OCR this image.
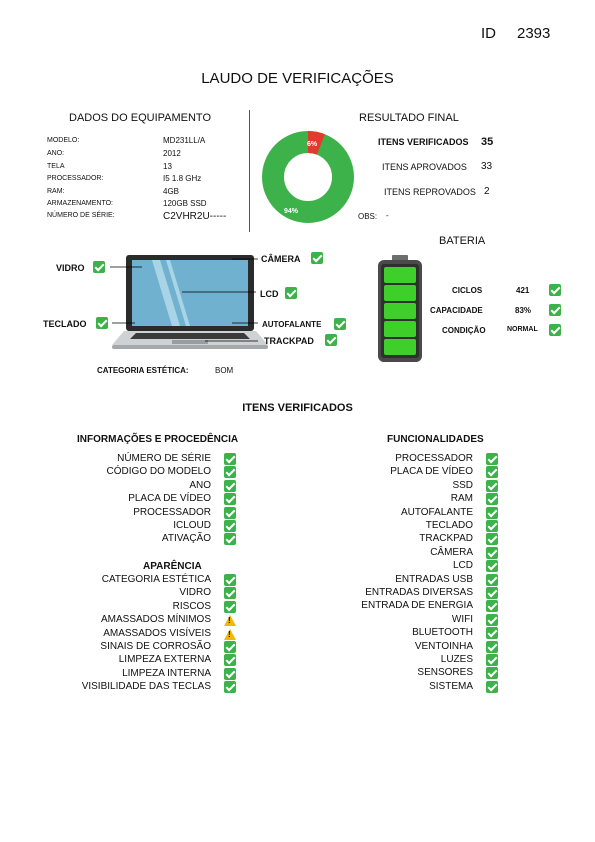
ID 2393
LAUDO DE VERIFICAÇÕES
DADOS DO EQUIPAMENTO
MODELO:	MD231LL/A
ANO:	2012
TELA	13
PROCESSADOR:	I5 1.8 GHz
RAM:	4GB
ARMAZENAMENTO:	120GB SSD
NÚMERO DE SÉRIE:	C2VHR2U-----
RESULTADO FINAL
94%
6%	ITENS VERIFICADOS 35
ITENS APROVADOS 33
ITENS REPROVADOS 2
OBS: -
VIDRO
CÂMERA
LCD
TECLADO	AUTOFALANTE
TRACKPAD
CATEGORIA ESTÉTICA:	BOM
BATERIA
CICLOS	421
CAPACIDADE	83%
CONDIÇÃO	NORMAL
ITENS VERIFICADOS
INFORMAÇÕES E PROCEDÊNCIA	FUNCIONALIDADES
APARÊNCIA
NÚMERO DE SÉRIE
CÓDIGO DO MODELO
ANO
PLACA DE VÍDEO
PROCESSADOR
ICLOUD
ATIVAÇÃO
CATEGORIA ESTÉTICA
VIDRO
RISCOS
AMASSADOS MÍNIMOS
!
AMASSADOS VISÍVEIS
!
SINAIS DE CORROSÃO
LIMPEZA EXTERNA
LIMPEZA INTERNA
VISIBILIDADE DAS TECLAS
PROCESSADOR
PLACA DE VÍDEO
SSD
RAM
AUTOFALANTE
TECLADO
TRACKPAD
CÂMERA
LCD
ENTRADAS USB
ENTRADAS DIVERSAS
ENTRADA DE ENERGIA
WIFI
BLUETOOTH
VENTOINHA
LUZES
SENSORES
SISTEMA
